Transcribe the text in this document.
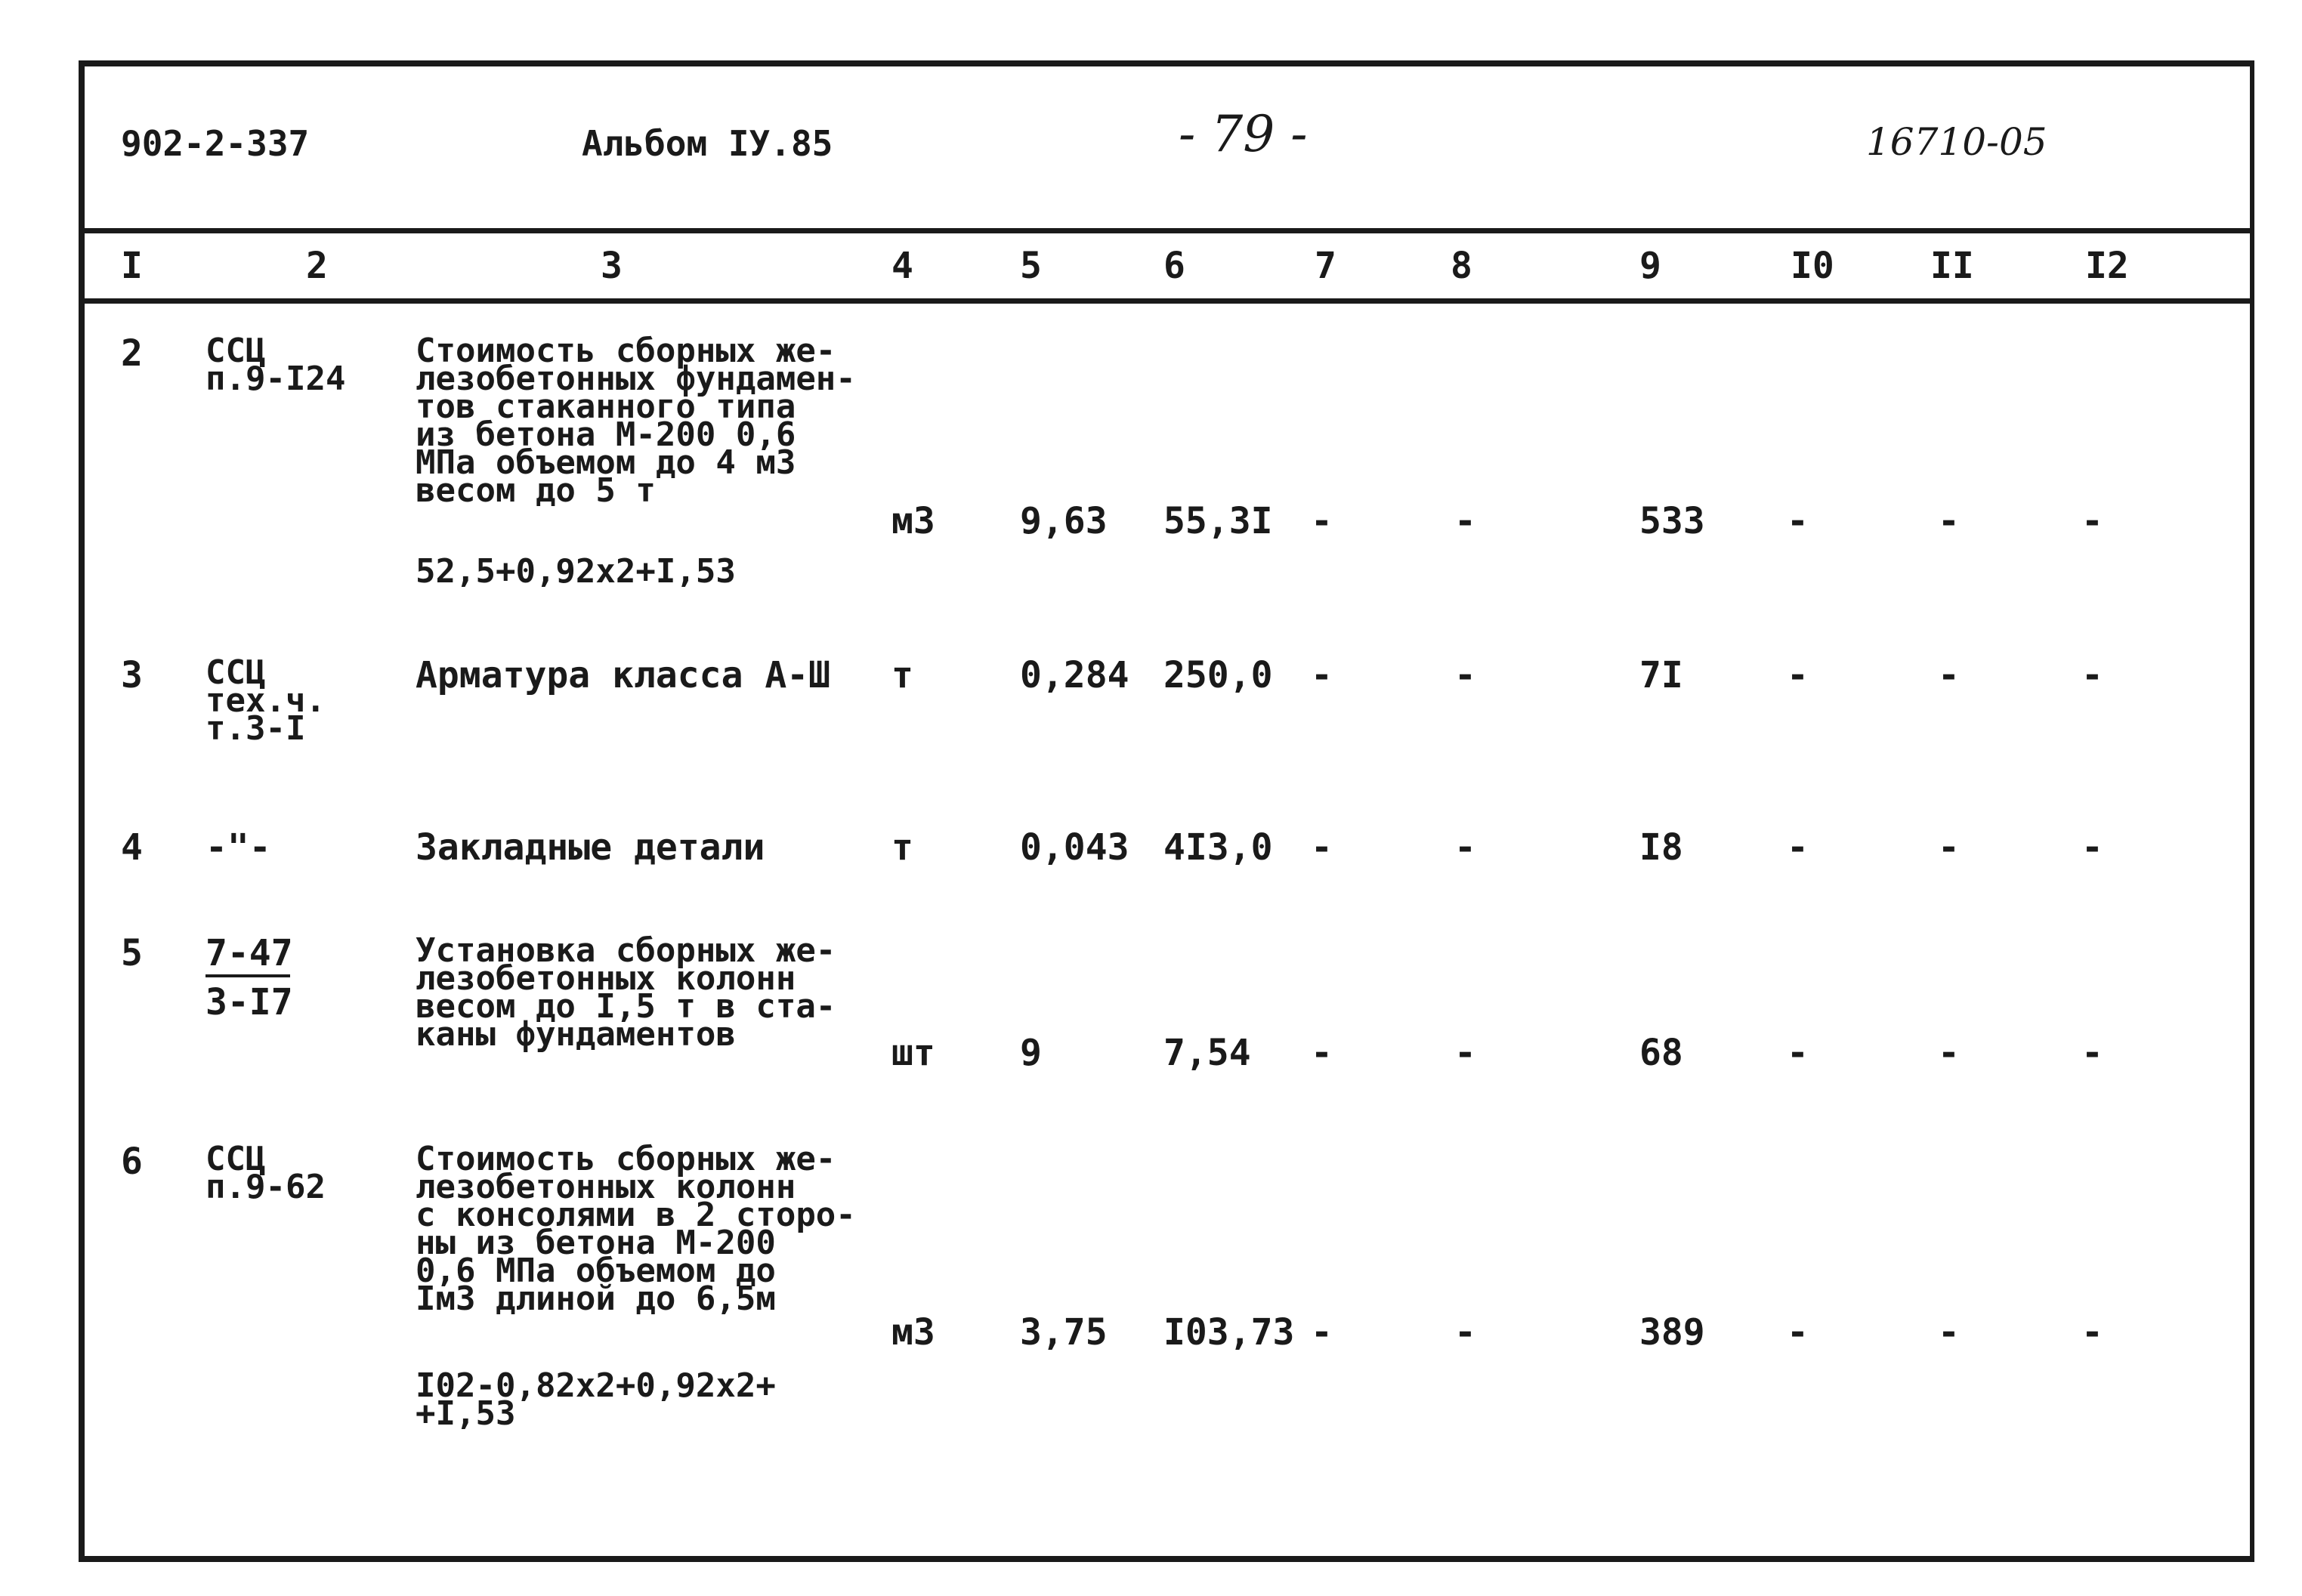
902-2-337	Альбом IУ.85	- 79 -	16710-05
I	2	3	4	5	6	7	8	9	I0	II	I2
2 ССЦ
п.9-I24
Стоимость сборных же-
лезобетонных фундамен-
тов стаканного типа
из бетона М-200 0,6
МПа объемом до 4 м3
весом до 5 т
52,5+0,92x2+I,53
м3 9,63 55,3I -	-	533 -	-	-
3 ССЦ
тех.ч.
т.3-I
Арматура класса А-Ш т	0,284 250,0 -	-	7I	-	-	-
4 -"-	Закладные детали	т	0,043 4I3,0 -	-	I8	-	-	-
5 7-47
3-I7
Установка сборных же-
лезобетонных колонн
весом до I,5 т в ста-
каны фундаментов	шт 9	7,54 -	-	68	-	-	-
6 ССЦ
п.9-62
Стоимость сборных же-
лезобетонных колонн
с консолями в 2 сторо-
ны из бетона М-200
0,6 МПа объемом до
Iм3 длиной до 6,5м
I02-0,82x2+0,92x2+
+I,53
м3 3,75 I03,73 -	-	389 -	-	-
